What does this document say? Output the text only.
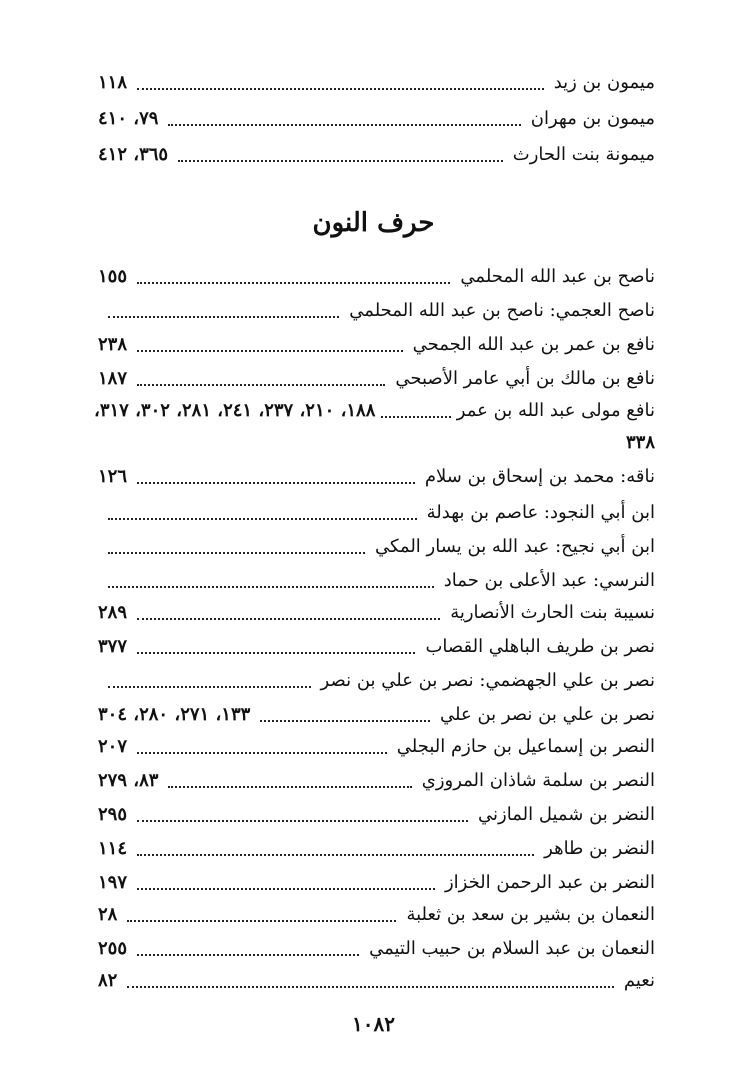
ميمون بن زيد
١١٨
ميمون بن مهران
٧٩، ٤١٠
ميمونة بنت الحارث
٣٦٥، ٤١٢
حرف النون
ناصح بن عبد الله المحلمي
١٥٥
ناصح العجمي: ناصح بن عبد الله المحلمي
نافع بن عمر بن عبد الله الجمحي
٢٣٨
نافع بن مالك بن أبي عامر الأصبحي
١٨٧
نافع مولى عبد الله بن عمر
١٨٨، ٢١٠، ٢٣٧، ٢٤١، ٢٨١، ٣٠٢، ٣١٧،
٣٣٨
ناقه: محمد بن إسحاق بن سلام
١٢٦
ابن أبي النجود: عاصم بن بهدلة
ابن أبي نجيح: عبد الله بن يسار المكي
النرسي: عبد الأعلى بن حماد
نسيبة بنت الحارث الأنصارية
٢٨٩
نصر بن طريف الباهلي القصاب
٣٧٧
نصر بن علي الجهضمي: نصر بن علي بن نصر
نصر بن علي بن نصر بن علي
١٣٣، ٢٧١، ٢٨٠، ٣٠٤
النصر بن إسماعيل بن حازم البجلي
٢٠٧
النصر بن سلمة شاذان المروزي
٨٣، ٢٧٩
النضر بن شميل المازني
٢٩٥
النضر بن طاهر
١١٤
النضر بن عبد الرحمن الخزاز
١٩٧
النعمان بن بشير بن سعد بن ثعلبة
٢٨
النعمان بن عبد السلام بن حبيب التيمي
٢٥٥
نعيم
٨٢
١٠٨٢
